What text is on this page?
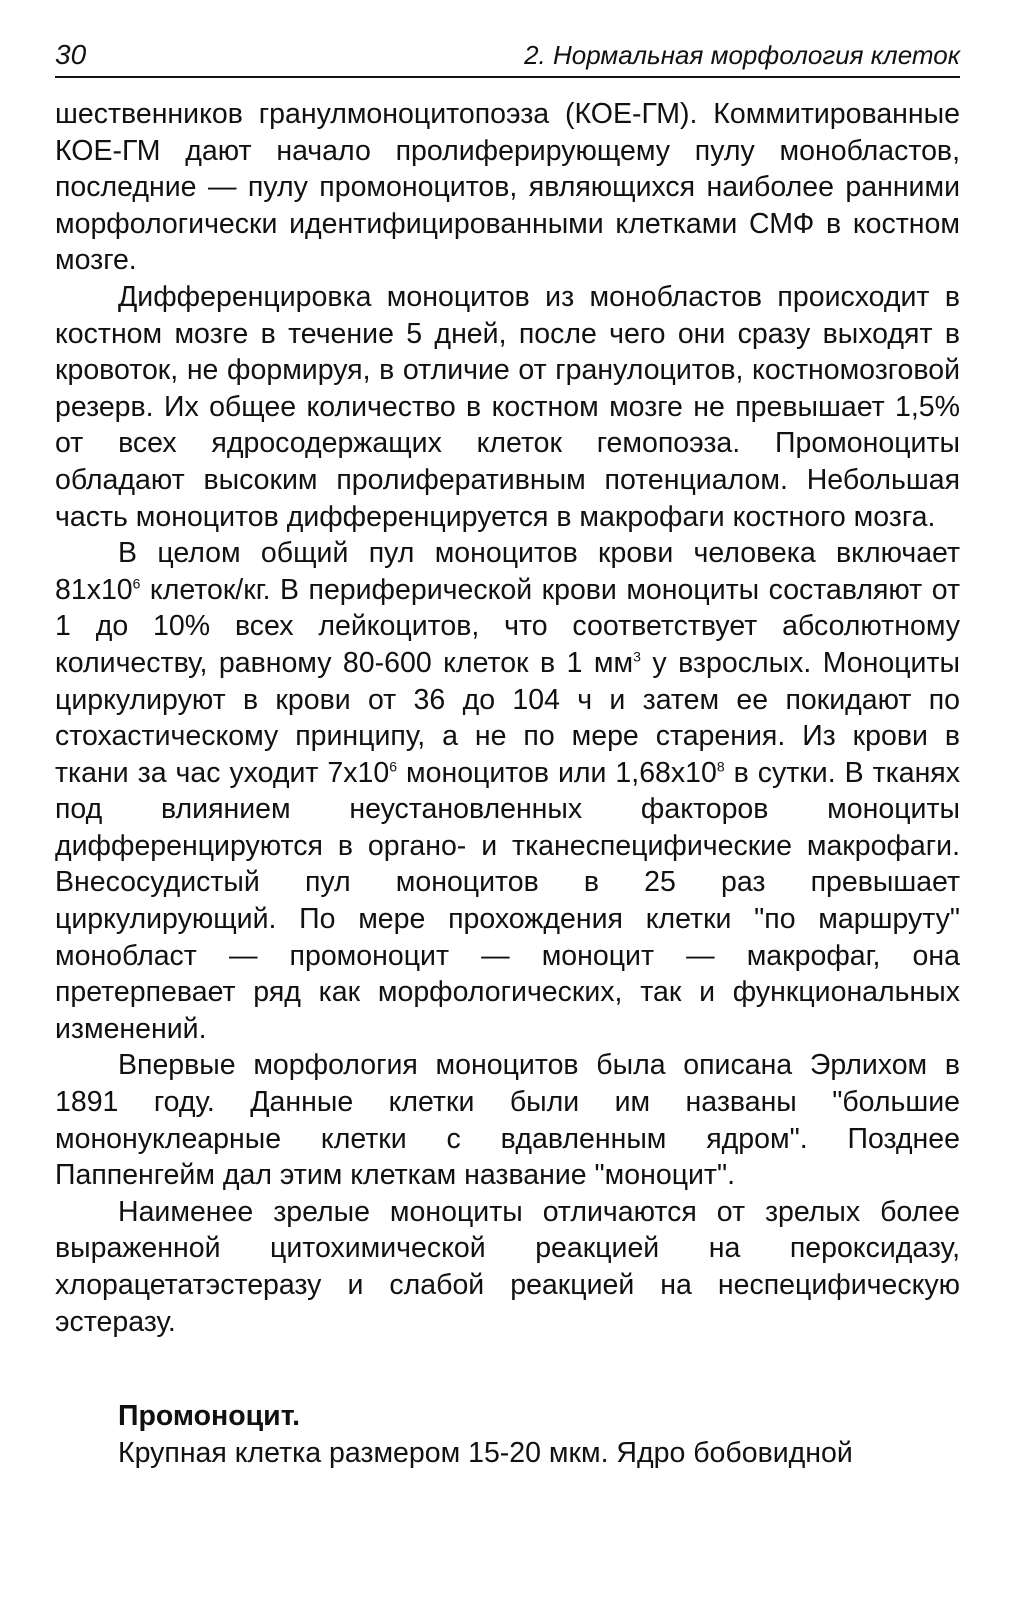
30	2. Нормальная морфология клеток

шественников гранулмоноцитопоэза (КОЕ-ГМ). Коммитированные КОЕ-ГМ дают начало пролиферирующему пулу монобластов, последние — пулу промоноцитов, являющихся наиболее ранними морфологически идентифицированными клетками СМФ в костном мозге.

Дифференцировка моноцитов из монобластов происходит в костном мозге в течение 5 дней, после чего они сразу выходят в кровоток, не формируя, в отличие от гранулоцитов, костномозговой резерв. Их общее количество в костном мозге не превышает 1,5% от всех ядросодержащих клеток гемопоэза. Промоноциты обладают высоким пролиферативным потенциалом. Небольшая часть моноцитов дифференцируется в макрофаги костного мозга.

В целом общий пул моноцитов крови человека включает $81х10^6$ клеток/кг. В периферической крови моноциты составляют от 1 до 10% всех лейкоцитов, что соответствует абсолютному количеству, равному 80-600 клеток в 1 $мм^3$ у взрослых. Моноциты циркулируют в крови от 36 до 104 ч и затем ее покидают по стохастическому принципу, а не по мере старения. Из крови в ткани за час уходит $7х10^6$ моноцитов или $1,68х10^8$ в сутки. В тканях под влиянием неустановленных факторов моноциты дифференцируются в органо- и тканеспецифические макрофаги. Внесосудистый пул моноцитов в 25 раз превышает циркулирующий. По мере прохождения клетки "по маршруту" монобласт — промоноцит — моноцит — макрофаг, она претерпевает ряд как морфологических, так и функциональных изменений.

Впервые морфология моноцитов была описана Эрлихом в 1891 году. Данные клетки были им названы "большие мононуклеарные клетки с вдавленным ядром". Позднее Паппенгейм дал этим клеткам название "моноцит".

Наименее зрелые моноциты отличаются от зрелых более выраженной цитохимической реакцией на пероксидазу, хлорацетатэстеразу и слабой реакцией на неспецифическую эстеразу.

Промоноцит.

Крупная клетка размером 15-20 мкм. Ядро бобовидной
